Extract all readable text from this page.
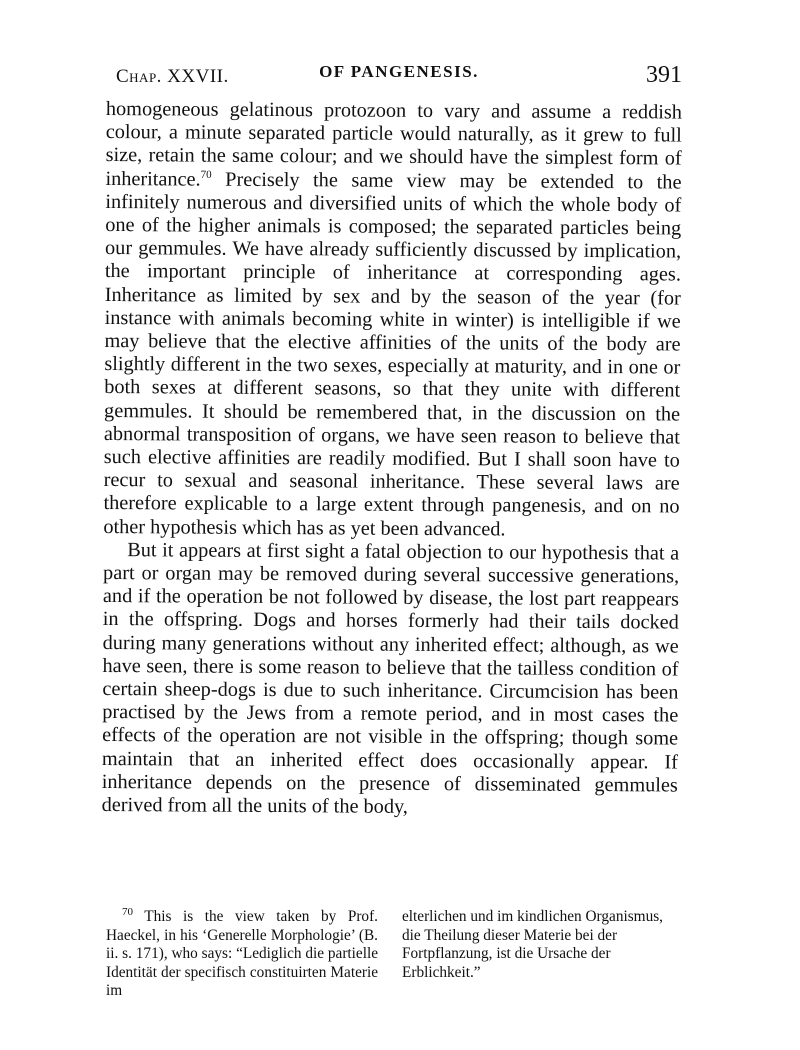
Chap. XXVII.	OF PANGENESIS.	391

homogeneous gelatinous protozoon to vary and assume a reddish colour, a minute separated particle would naturally, as it grew to full size, retain the same colour; and we should have the simplest form of inheritance.$^{70}$ Precisely the same view may be extended to the infinitely numerous and diversified units of which the whole body of one of the higher animals is composed; the separated particles being our gemmules. We have already sufficiently discussed by implication, the important principle of inheritance at corresponding ages. Inheritance as limited by sex and by the season of the year (for instance with animals becoming white in winter) is intelligible if we may believe that the elective affinities of the units of the body are slightly different in the two sexes, especially at maturity, and in one or both sexes at different seasons, so that they unite with different gemmules. It should be remembered that, in the discussion on the abnormal transposition of organs, we have seen reason to believe that such elective affinities are readily modified. But I shall soon have to recur to sexual and seasonal inheritance. These several laws are therefore explicable to a large extent through pangenesis, and on no other hypothesis which has as yet been advanced.

But it appears at first sight a fatal objection to our hypothesis that a part or organ may be removed during several successive generations, and if the operation be not followed by disease, the lost part reappears in the offspring. Dogs and horses formerly had their tails docked during many generations without any inherited effect; although, as we have seen, there is some reason to believe that the tailless condition of certain sheep-dogs is due to such inheritance. Circumcision has been practised by the Jews from a remote period, and in most cases the effects of the operation are not visible in the offspring; though some maintain that an inherited effect does occasionally appear. If inheritance depends on the presence of disseminated gemmules derived from all the units of the body,

$^{70}$ This is the view taken by Prof. Haeckel, in his ‘Generelle Morphologie’ (B. ii. s. 171), who says: “Lediglich die partielle Identität der specifisch constituirten Materie im
elterlichen und im kindlichen Organismus, die Theilung dieser Materie bei der Fortpflanzung, ist die Ursache der Erblichkeit.”
